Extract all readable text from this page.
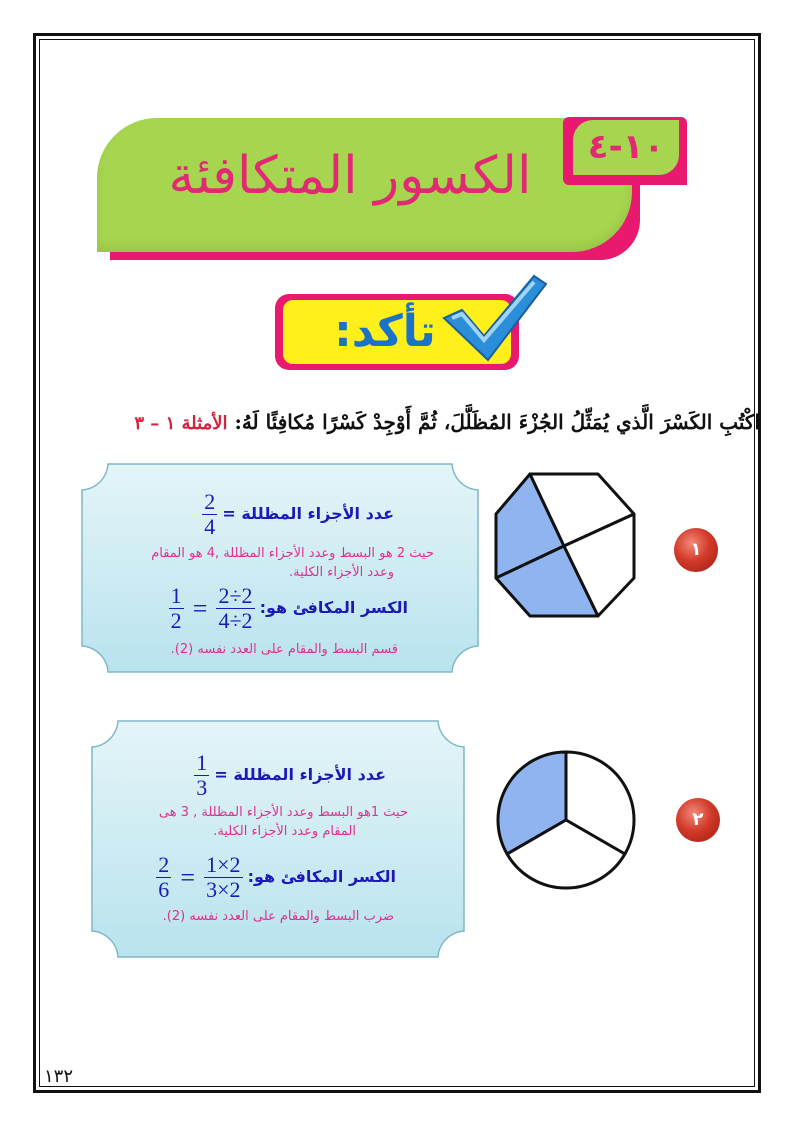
الكسور المتكافئة	١٠-٤
تأكد:
اكْتُبِ الكَسْرَ الَّذي يُمَثِّلُ الجُزْءَ المُظَلَّلَ، ثُمَّ أَوْجِدْ كَسْرًا مُكافِئًا لَهُ: الأمثلة ١ – ٣
عدد الأجزاء المظللة =
$\frac{2}{4}$
حيث 2 هو البسط وعدد الأجزاء المظللة ,4 هو المقام
وعدد الأجزاء الكلية.
الكسر المكافئ هو:
$\frac{2\div 2}{2\div 4}$
=
$\frac{1}{2}$
قسم البسط والمقام على العدد نفسه (2).
١
عدد الأجزاء المظللة =
$\frac{1}{3}$
حيث 1هو البسط وعدد الأجزاء المظللة , 3 هى
المقام وعدد الأجزاء الكلية.
الكسر المكافئ هو:
$\frac{2\times 1}{2\times 3}$
=
$\frac{2}{6}$
ضرب البسط والمقام على العدد نفسه (2).
٢
١٣٢
